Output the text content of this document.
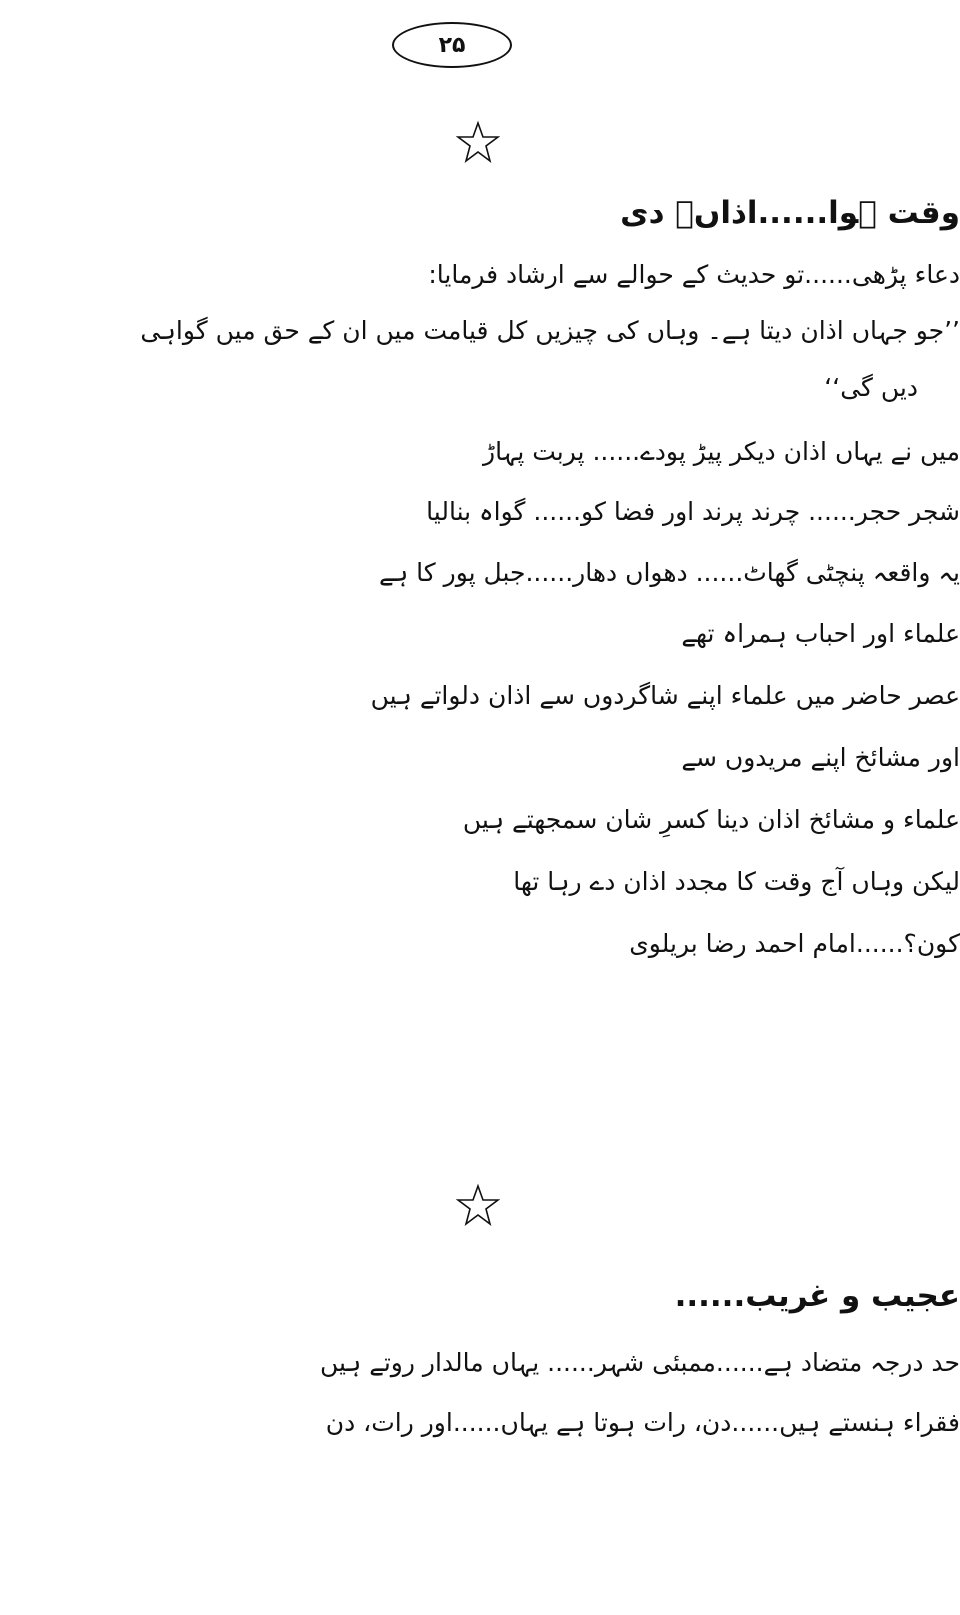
۲۵
وقت ہوا......اذاںؔ دی
دعاء پڑھی......تو حدیث کے حوالے سے ارشاد فرمایا:
’’جو جہاں اذان دیتا ہے۔ وہاں کی چیزیں کل قیامت میں ان کے حق میں گواہی
دیں گی‘‘
میں نے یہاں اذان دیکر پیڑ پودے...... پربت پہاڑ
شجر حجر...... چرند پرند اور فضا کو...... گواہ بنالیا
یہ واقعہ پنچٹی گھاٹ...... دھواں دھار......جبل پور کا ہے
علماء اور احباب ہمراہ تھے
عصر حاضر میں علماء اپنے شاگردوں سے اذان دلواتے ہیں
اور مشائخ اپنے مریدوں سے
علماء و مشائخ اذان دینا کسرِ شان سمجھتے ہیں
لیکن وہاں آج وقت کا مجدد اذان دے رہا تھا
کون؟......امام احمد رضا بریلوی
عجیب و غریب......
حد درجہ متضاد ہے......ممبئی شہر...... یہاں مالدار روتے ہیں
فقراء ہنستے ہیں......دن، رات ہوتا ہے یہاں......اور رات، دن
